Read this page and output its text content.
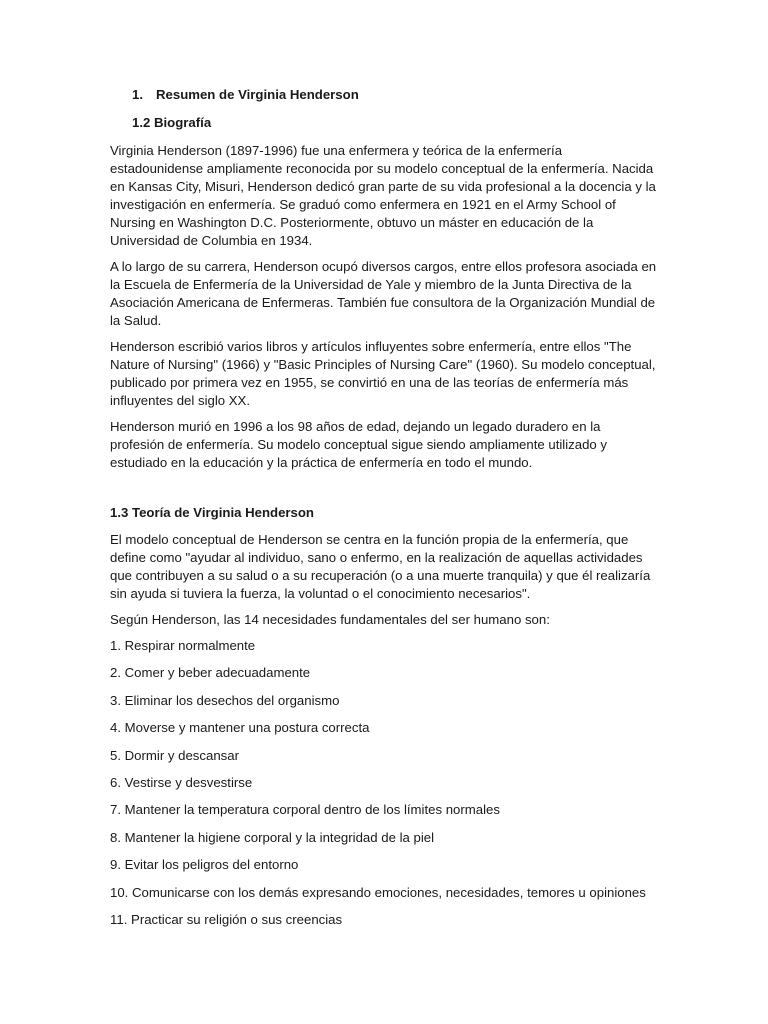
1. Resumen de Virginia Henderson
1.2 Biografía

Virginia Henderson (1897-1996) fue una enfermera y teórica de la enfermería estadounidense ampliamente reconocida por su modelo conceptual de la enfermería. Nacida en Kansas City, Misuri, Henderson dedicó gran parte de su vida profesional a la docencia y la investigación en enfermería. Se graduó como enfermera en 1921 en el Army School of Nursing en Washington D.C. Posteriormente, obtuvo un máster en educación de la Universidad de Columbia en 1934.

A lo largo de su carrera, Henderson ocupó diversos cargos, entre ellos profesora asociada en la Escuela de Enfermería de la Universidad de Yale y miembro de la Junta Directiva de la Asociación Americana de Enfermeras. También fue consultora de la Organización Mundial de la Salud.

Henderson escribió varios libros y artículos influyentes sobre enfermería, entre ellos "The Nature of Nursing" (1966) y "Basic Principles of Nursing Care" (1960). Su modelo conceptual, publicado por primera vez en 1955, se convirtió en una de las teorías de enfermería más influyentes del siglo XX.

Henderson murió en 1996 a los 98 años de edad, dejando un legado duradero en la profesión de enfermería. Su modelo conceptual sigue siendo ampliamente utilizado y estudiado en la educación y la práctica de enfermería en todo el mundo.

1.3 Teoría de Virginia Henderson

El modelo conceptual de Henderson se centra en la función propia de la enfermería, que define como "ayudar al individuo, sano o enfermo, en la realización de aquellas actividades que contribuyen a su salud o a su recuperación (o a una muerte tranquila) y que él realizaría sin ayuda si tuviera la fuerza, la voluntad o el conocimiento necesarios".

Según Henderson, las 14 necesidades fundamentales del ser humano son:

1. Respirar normalmente
2. Comer y beber adecuadamente
3. Eliminar los desechos del organismo
4. Moverse y mantener una postura correcta
5. Dormir y descansar
6. Vestirse y desvestirse
7. Mantener la temperatura corporal dentro de los límites normales
8. Mantener la higiene corporal y la integridad de la piel
9. Evitar los peligros del entorno
10. Comunicarse con los demás expresando emociones, necesidades, temores u opiniones
11. Practicar su religión o sus creencias
